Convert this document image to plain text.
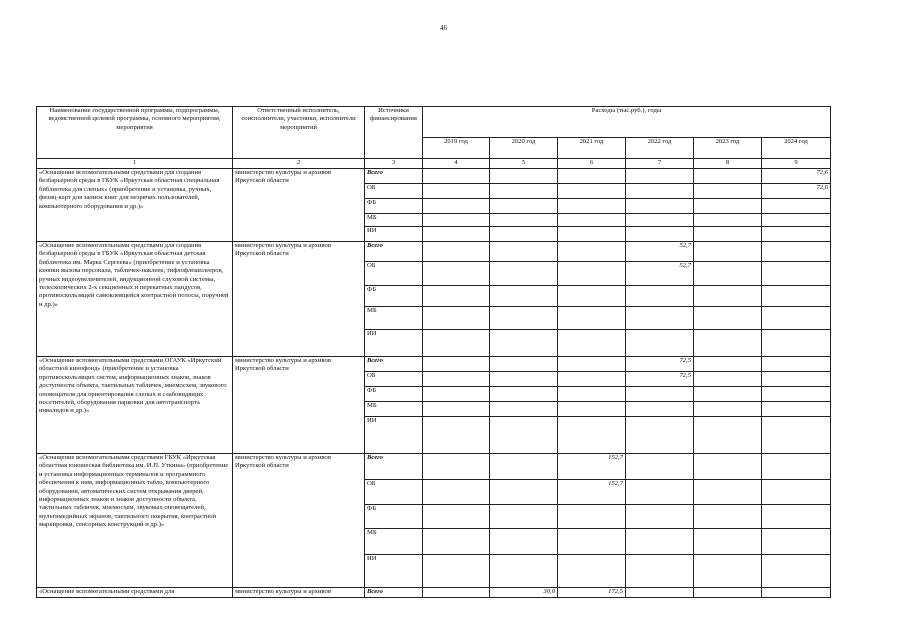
46
Наименование государственной программы, подпрограммы, ведомственной целевой программы, основного мероприятия, мероприятия	Ответственный исполнитель, соисполнители, участники, исполнители мероприятий	Источники финансирования	Расходы (тыс.руб.), годы					
			2019 год	2020 год	2021 год	2022 год	2023 год	2024 год
1	2	3	4	5	6	7	8	9
«Оснащение вспомогательными средствами для создания безбарьерной среды в ГБУК «Иркутская областная специальная библиотека для слепых» (приобретение и установка, ручных, физиц-карт для записи книг для незрячих пользователей, компьютерного оборудования и др.)»	министерство культуры и архивов Иркутской области	Всего						72,6
		ОБ						72,6
		ФБ						
		МБ						
		ИИ						
«Оснащение вспомогательными средствами для создания безбарьерной среды в ГБУК «Иркутская областная детская библиотека им. Марка Сергеева» (приобретение и установка кнопки вызова персонала, табличек-наклеек, тифлофлешплееров, ручных видеоувеличителей, индукционной слуховой системы, телескопических 2-х секционных и перекатных пандусов, противоскользящей самоклеящейся контрастной полосы, поручней и др.)»	министерство культуры и архивов Иркутской области	Всего				52,7		
		ОБ				52,7		
		ФБ						
		МБ						
		ИИ						
«Оснащение вспомогательными средствами ОГАУК «Иркутский областной кинофонд» (приобретение и установка противоскользящих систем, информационных знаков, знаков доступности объекта, тактильных табличек, мнемосхем, звукового оповещателя для ориентирования слепых и слабовидящих посетителей, оборудования парковки для автотранспорта инвалидов и др.)»	министерство культуры и архивов Иркутской области	Всего				72,5		
		ОБ				72,5		
		ФБ						
		МБ						
		ИИ						
«Оснащение вспомогательными средствами ГБУК «Иркутская областная юношеская библиотека им. И.П. Уткина» (приобретение и установка информационных терминалов и программного обеспечения к ним, информационных табло, компьютерного оборудования, автоматических систем открывания дверей, информационных знаков и знаков доступности объекта, тактильных табличек, мнемосхем, звуковых оповещателей, мультимедийных экранов, тактильного покрытия, контрастной маркировки, сенсорных конструкций и др.)»	министерство культуры и архивов Иркутской области	Всего			152,7			
		ОБ			152,7			
		ФБ						
		МБ						
		ИИ						
«Оснащение вспомогательными средствами для	министерство культуры и архивов	Всего		30,0	172,5			
